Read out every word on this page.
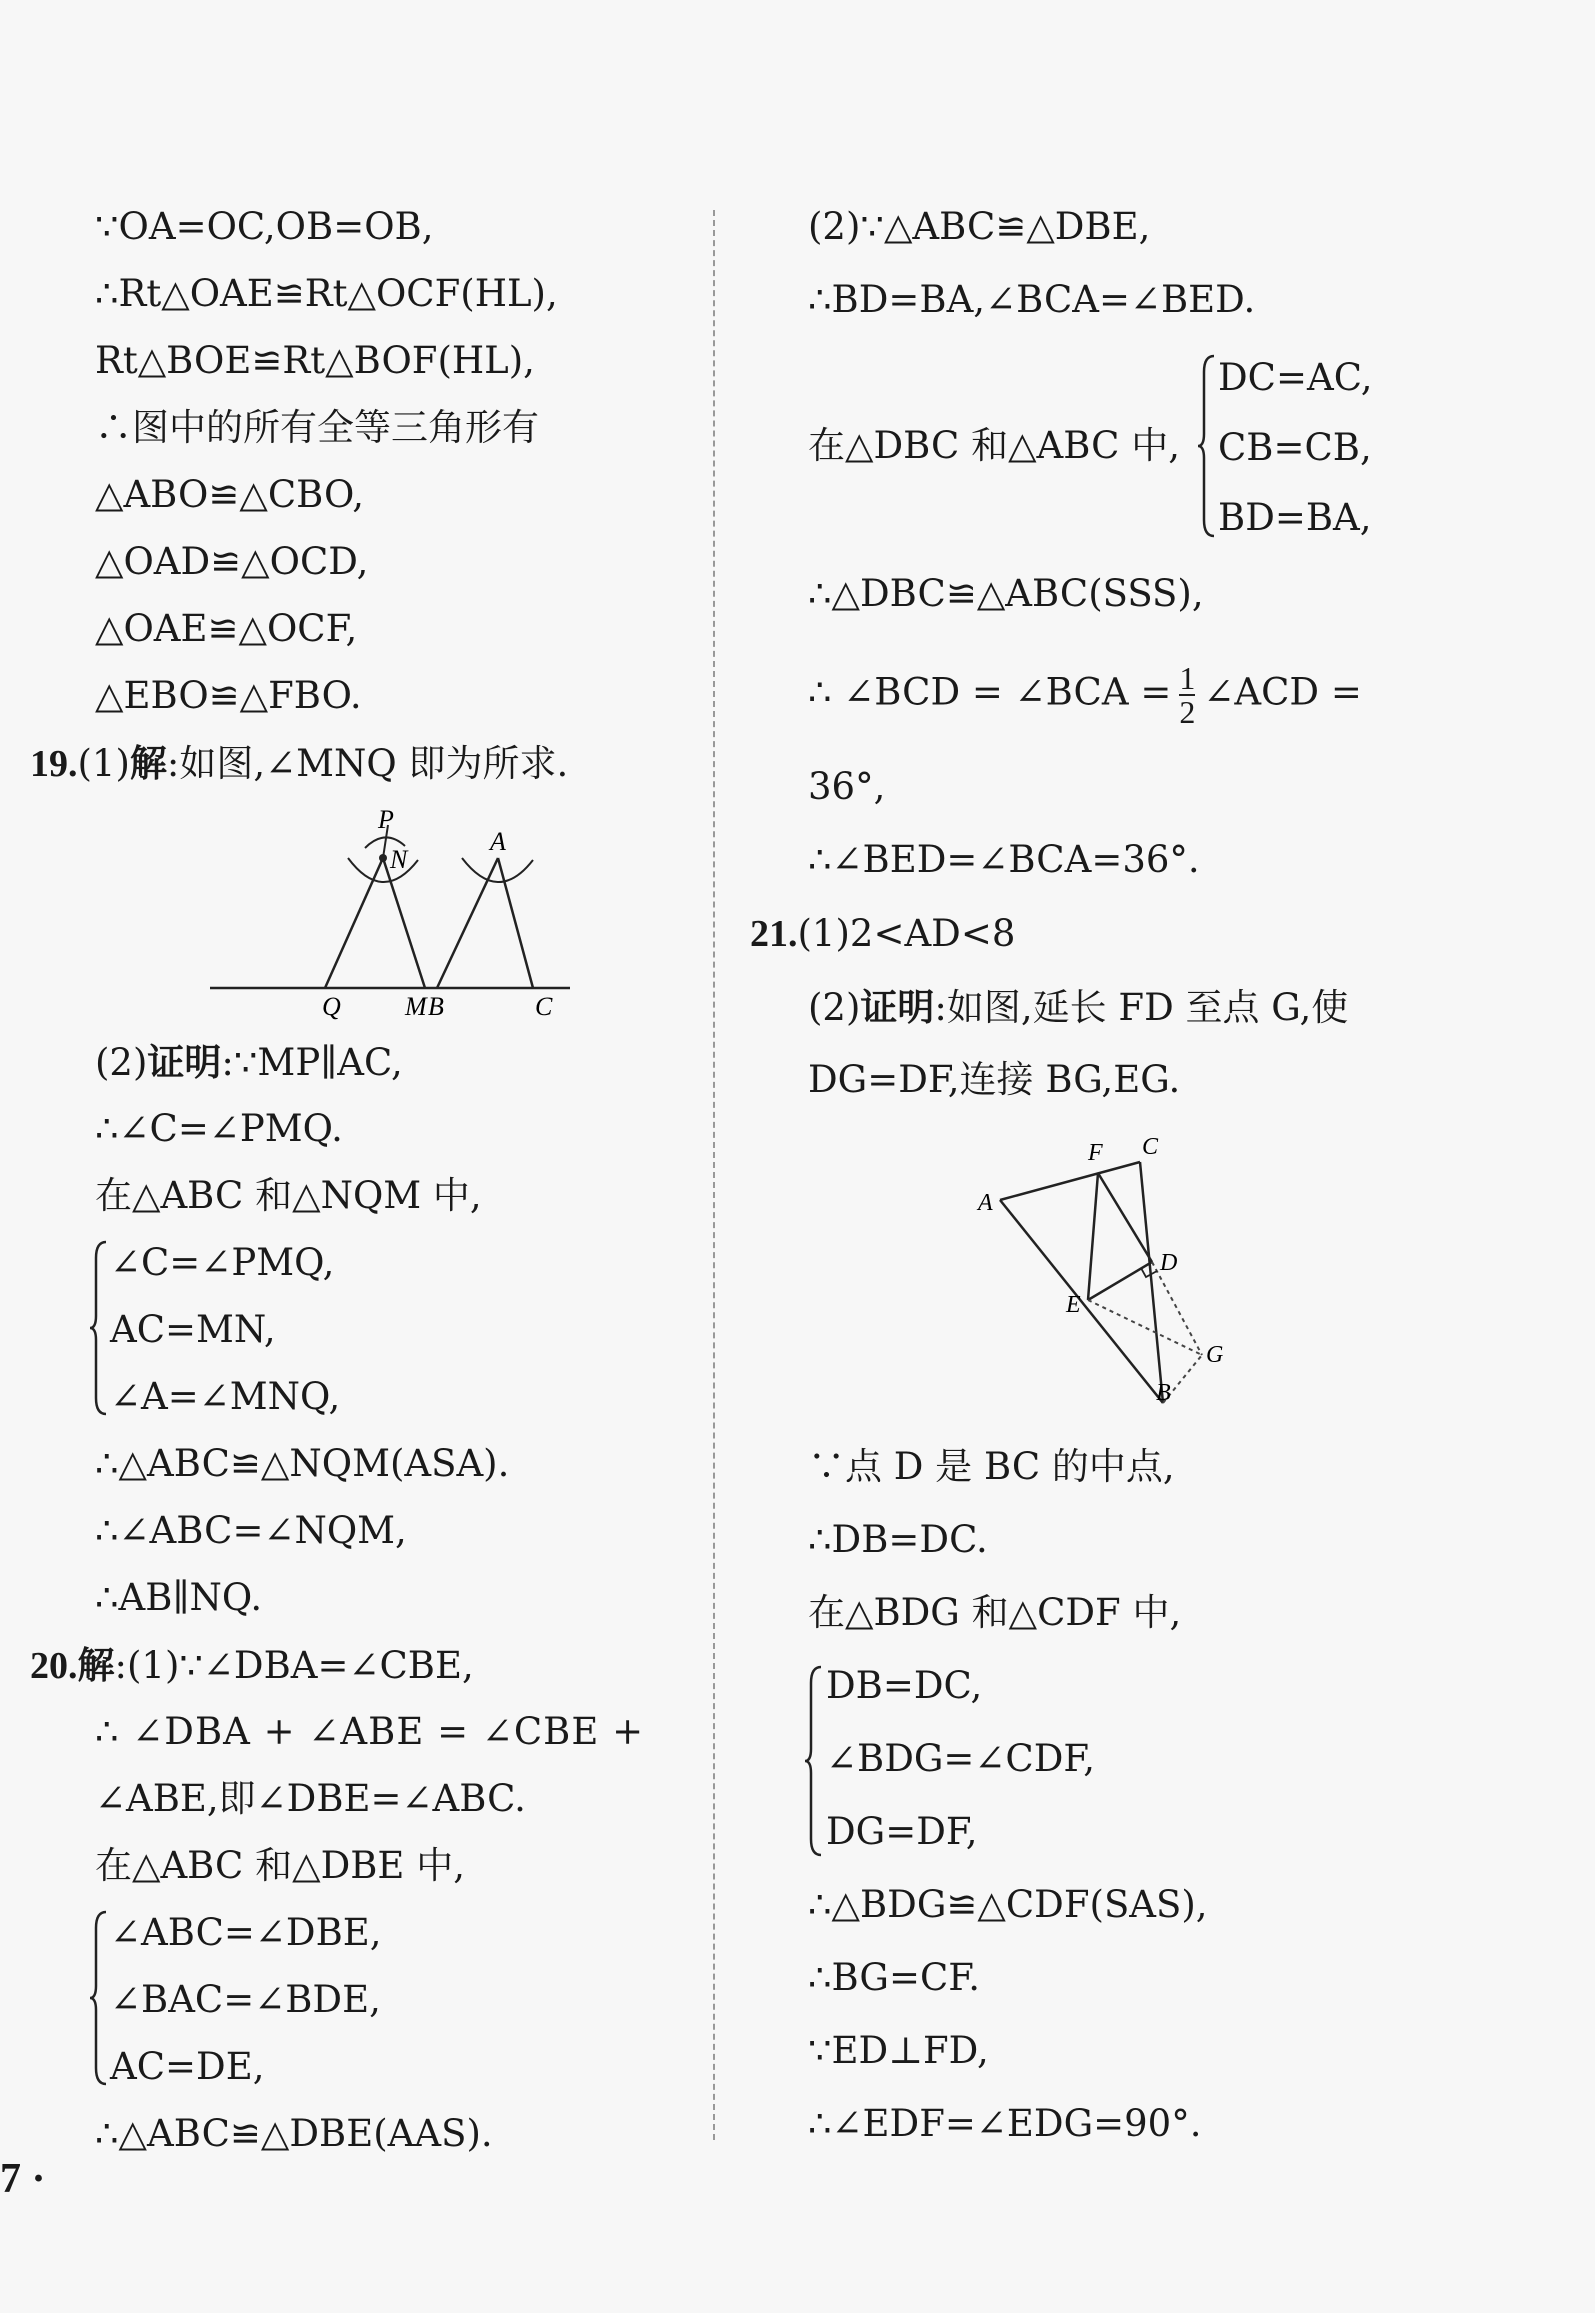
∵OA=OC,OB=OB,
∴Rt△OAE≌Rt△OCF(HL),
Rt△BOE≌Rt△BOF(HL),
∴图中的所有全等三角形有
△ABO≌△CBO,
△OAD≌△OCD,
△OAE≌△OCF,
△EBO≌△FBO.
19.(1)解:如图,∠MNQ 即为所求.
P
N
A
Q M B	C
(2)证明:∵MP∥AC,
∴∠C=∠PMQ.
在△ABC 和△NQM 中,
∠C=∠PMQ,
AC=MN,
∠A=∠MNQ,
∴△ABC≌△NQM(ASA).
∴∠ABC=∠NQM,
∴AB∥NQ.
20.解:(1)∵∠DBA=∠CBE,
∴ ∠DBA + ∠ABE = ∠CBE +
∠ABE,即∠DBE=∠ABC.
在△ABC 和△DBE 中,
∠ABC=∠DBE,
∠BAC=∠BDE,
AC=DE,
∴△ABC≌△DBE(AAS).
(2)∵△ABC≌△DBE,
∴BD=BA,∠BCA=∠BED.
在△DBC 和△ABC 中,
DC=AC,
CB=CB,
BD=BA,
∴△DBC≌△ABC(SSS),
∴ ∠BCD = ∠BCA = $\frac{1}{2}$ ∠ACD =
36°,
∴∠BED=∠BCA=36°.
21.(1)2<AD<8
(2)证明:如图,延长 FD 至点 G,使
DG=DF,连接 BG,EG.
A
F C
D
E
G
B
∵点 D 是 BC 的中点,
∴DB=DC.
在△BDG 和△CDF 中,
DB=DC,
∠BDG=∠CDF,
DG=DF,
∴△BDG≌△CDF(SAS),
∴BG=CF.
∵ED⊥FD,
∴∠EDF=∠EDG=90°.
7 ·
